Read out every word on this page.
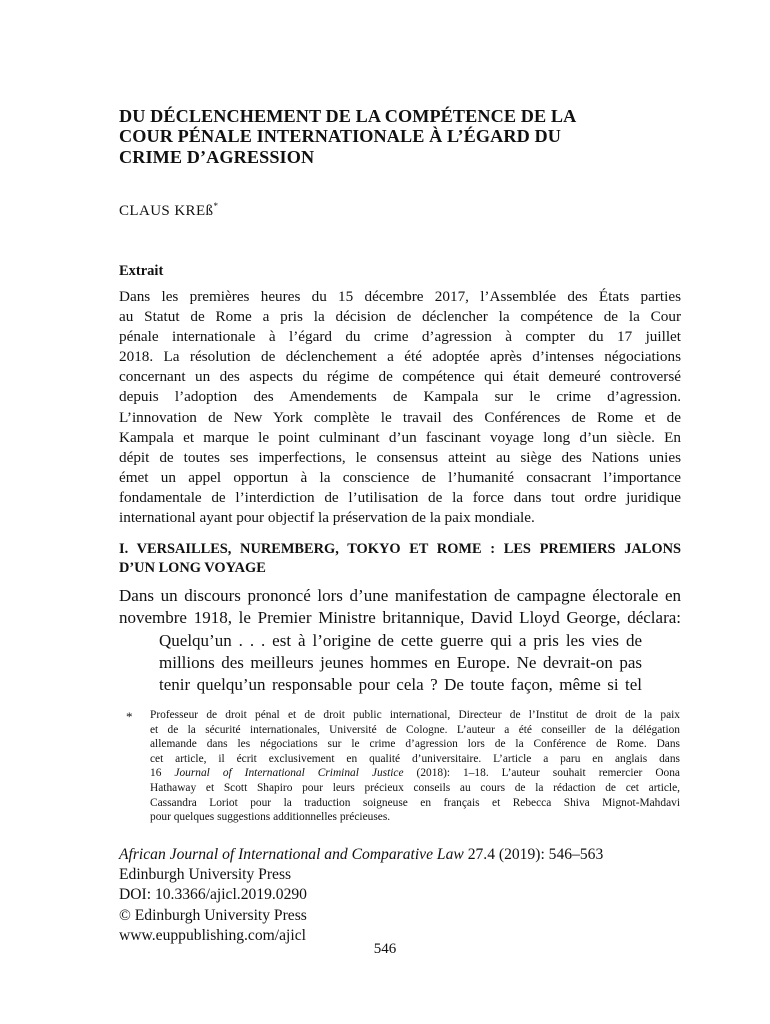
DU DÉCLENCHEMENT DE LA COMPÉTENCE DE LA
COUR PÉNALE INTERNATIONALE À L’ÉGARD DU
CRIME D’AGRESSION
CLAUS KREß*
Extrait
Dans les premières heures du 15 décembre 2017, l’Assemblée des États parties
au Statut de Rome a pris la décision de déclencher la compétence de la Cour
pénale internationale à l’égard du crime d’agression à compter du 17 juillet
2018. La résolution de déclenchement a été adoptée après d’intenses négociations
concernant un des aspects du régime de compétence qui était demeuré controversé
depuis l’adoption des Amendements de Kampala sur le crime d’agression.
L’innovation de New York complète le travail des Conférences de Rome et de
Kampala et marque le point culminant d’un fascinant voyage long d’un siècle. En
dépit de toutes ses imperfections, le consensus atteint au siège des Nations unies
émet un appel opportun à la conscience de l’humanité consacrant l’importance
fondamentale de l’interdiction de l’utilisation de la force dans tout ordre juridique
international ayant pour objectif la préservation de la paix mondiale.
I. VERSAILLES, NUREMBERG, TOKYO ET ROME : LES PREMIERS JALONS
D’UN LONG VOYAGE
Dans un discours prononcé lors d’une manifestation de campagne électorale en
novembre 1918, le Premier Ministre britannique, David Lloyd George, déclara:
Quelqu’un . . . est à l’origine de cette guerre qui a pris les vies de
millions des meilleurs jeunes hommes en Europe. Ne devrait-on pas
tenir quelqu’un responsable pour cela ? De toute façon, même si tel
* Professeur de droit pénal et de droit public international, Directeur de l’Institut de droit de la paix
et de la sécurité internationales, Université de Cologne. L’auteur a été conseiller de la délégation
allemande dans les négociations sur le crime d’agression lors de la Conférence de Rome. Dans
cet article, il écrit exclusivement en qualité d’universitaire. L’article a paru en anglais dans
16 Journal of International Criminal Justice (2018): 1–18. L’auteur souhait remercier Oona
Hathaway et Scott Shapiro pour leurs précieux conseils au cours de la rédaction de cet article,
Cassandra Loriot pour la traduction soigneuse en français et Rebecca Shiva Mignot-Mahdavi
pour quelques suggestions additionnelles précieuses.
African Journal of International and Comparative Law 27.4 (2019): 546–563
Edinburgh University Press
DOI: 10.3366/ajicl.2019.0290
© Edinburgh University Press
www.euppublishing.com/ajicl
546
